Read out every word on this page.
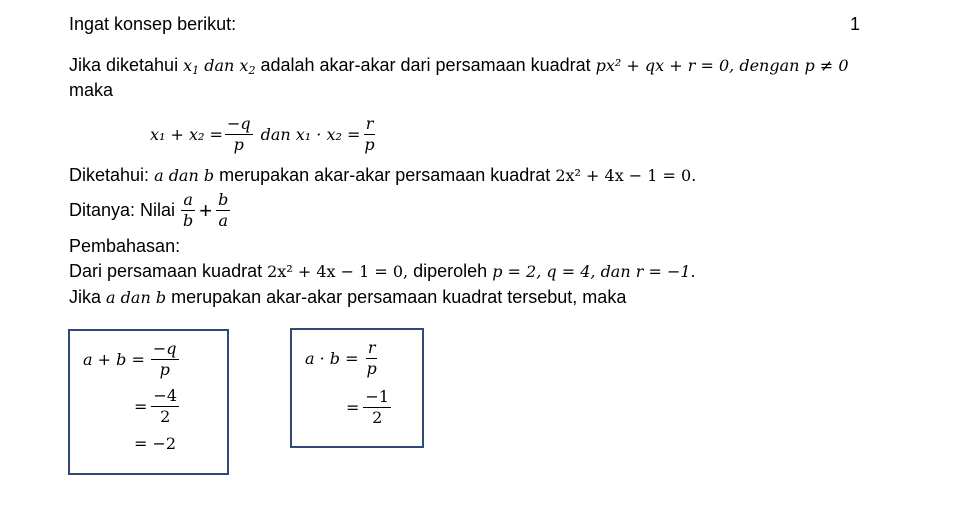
Ingat konsep berikut:	1
Jika diketahui $x_1$ dan $x_2$ adalah akar-akar dari persamaan kuadrat px² + qx + r = 0, dengan p ≠ 0
maka
$x_1 + x_2 = \frac{-q}{p}$ dan $x_1 \cdot x_2 = \frac{r}{p}$
Diketahui: a dan b merupakan akar-akar persamaan kuadrat 2x² + 4x − 1 = 0.
Ditanya: Nilai $\frac{a}{b} + \frac{b}{a}$
Pembahasan:
Dari persamaan kuadrat 2x² + 4x − 1 = 0, diperoleh p = 2, q = 4, dan r = −1.
Jika a dan b merupakan akar-akar persamaan kuadrat tersebut, maka
$a + b = \frac{-q}{p}$
= $\frac{-4}{2}$
= −2
$a \cdot b = \frac{r}{p}$
= $\frac{-1}{2}$
